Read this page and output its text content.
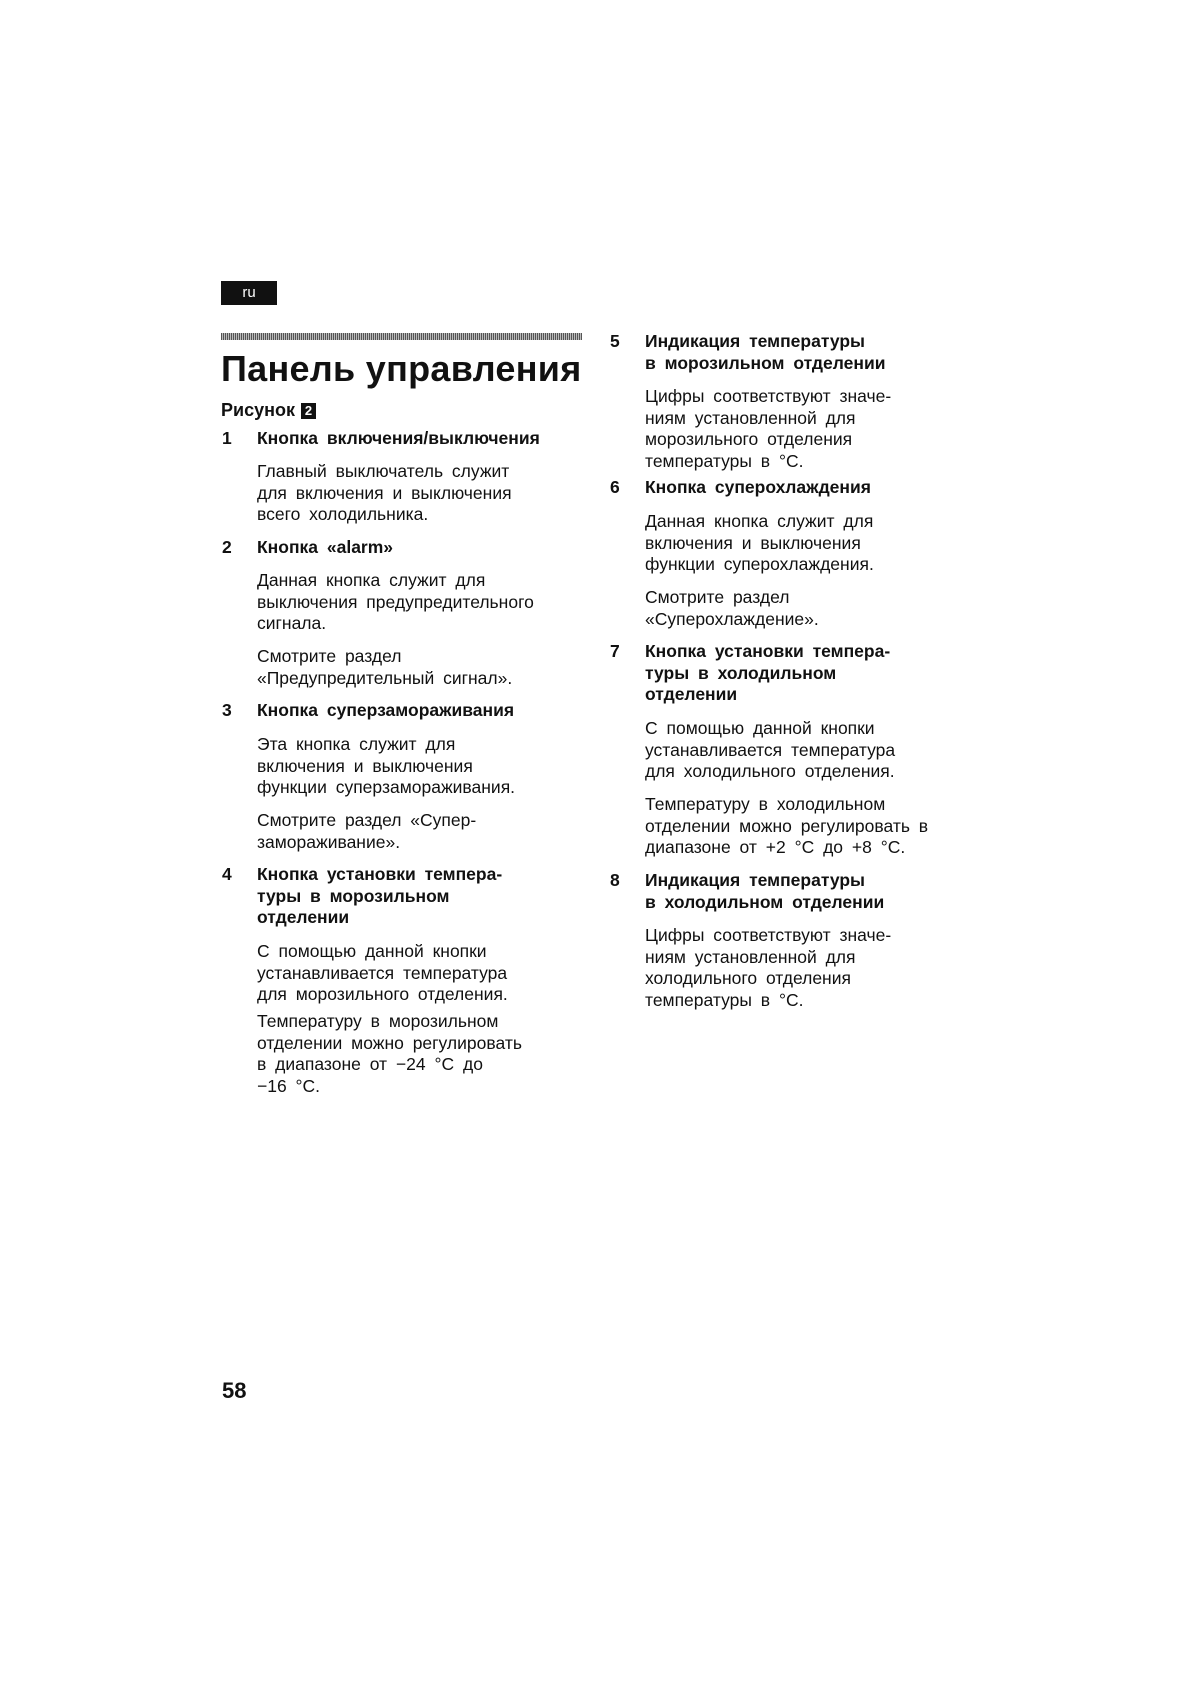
ru
Панель управления
Рисунок 2
1 Кнопка включения/выключения
Главный выключатель служит
для включения и выключения
всего холодильника.
2 Кнопка «alarm»
Данная кнопка служит для
выключения предупредительного
сигнала.
Смотрите раздел
«Предупредительный сигнал».
3 Кнопка суперзамораживания
Эта кнопка служит для
включения и выключения
функции суперзамораживания.
Смотрите раздел «Супер-
замораживание».
4 Кнопка установки темпера-
туры в морозильном
отделении
С помощью данной кнопки
устанавливается температура
для морозильного отделения.
Температуру в морозильном
отделении можно регулировать
в диапазоне от −24 °C до
−16 °C.
5 Индикация температуры
в морозильном отделении
Цифры соответствуют значе-
ниям установленной для
морозильного отделения
температуры в °C.
6 Кнопка суперохлаждения
Данная кнопка служит для
включения и выключения
функции суперохлаждения.
Смотрите раздел
«Суперохлаждение».
7 Кнопка установки темпера-
туры в холодильном
отделении
С помощью данной кнопки
устанавливается температура
для холодильного отделения.
Температуру в холодильном
отделении можно регулировать в
диапазоне от +2 °C до +8 °C.
8 Индикация температуры
в холодильном отделении
Цифры соответствуют значе-
ниям установленной для
холодильного отделения
температуры в °C.
58
